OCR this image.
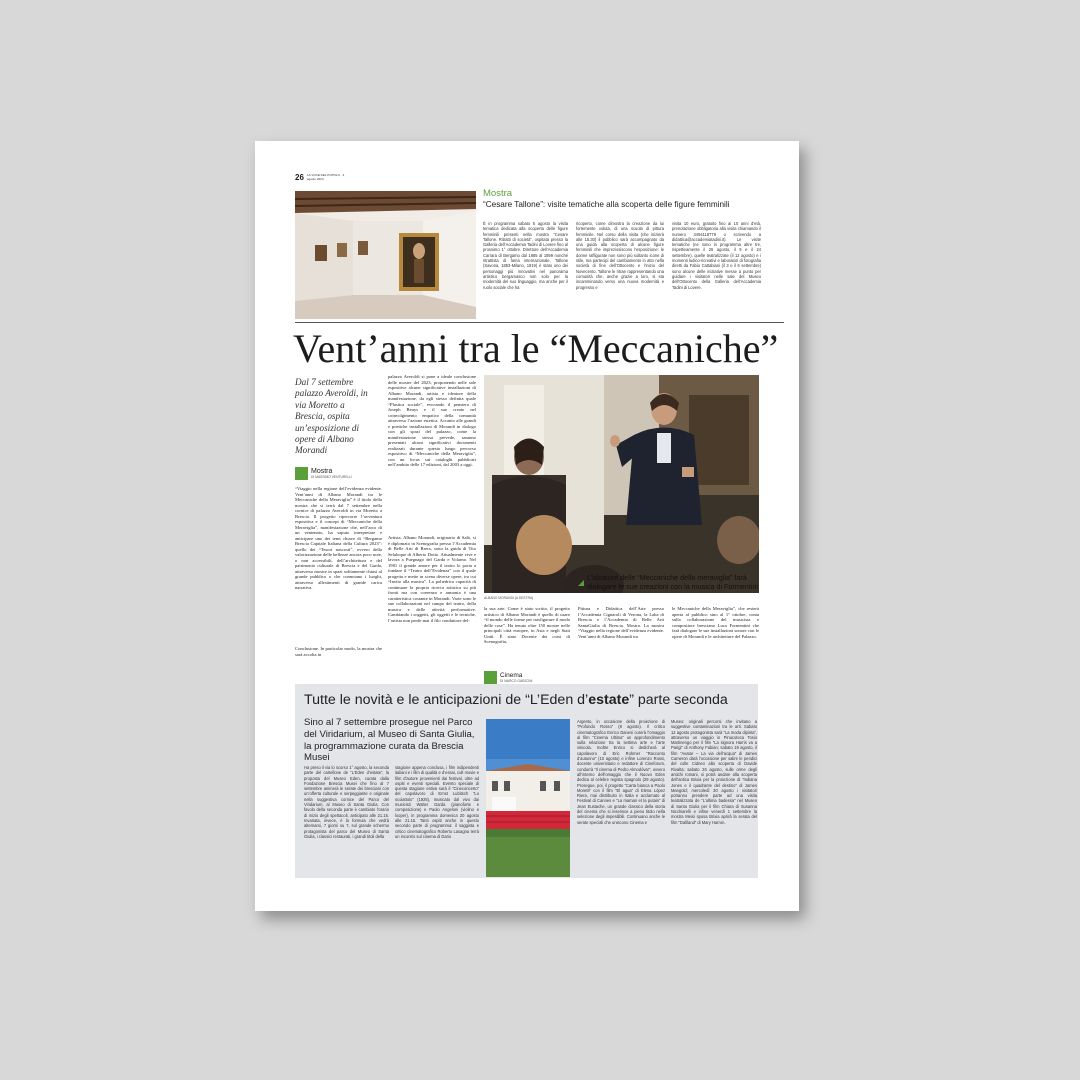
26 LA VOCE DEL POPOLO · 4 agosto 2023
Mostra
“Cesare Tallone”: visite tematiche alla scoperta delle figure femminili
È in programma sabato 5 agosto la visita tematica dedicata alla scoperta delle figure femminili presenti nella mostra “Cesare Tallone. Ritratti di società”, ospitata presso la Galleria dell’Accademia Tadini di Lovere fino al prossimo 1° ottobre. Direttore dell’Accademia Carrara di Bergamo dal 1885 al 1899 nonché ritrattista di fama internazionale, Tallone (Savona, 1853-Milano, 1919) è stato uno dei personaggi più innovativi nel panorama artistico bergamasco non solo per la modernità del suo linguaggio, ma anche per il ruolo sociale che ha
ricoperto, come dimostra la creazione da lui fortemente voluta, di una scuola di pittura femminile. Nel corso della visita (che inizierà alle 15.30) il pubblico sarà accompagnato da una guida alla scoperta di alcune figure femminili che impreziosiscono l’esposizione: le donne raffigurate non sono più soltanto icone di stile, ma partecipi del cambiamento in atto nella società di fine dell’Ottocento e l’inizio del Novecento. Tallone le ritrae rappresentando una comunità che, anche grazie a loro, si sta incamminando verso una nuova modernità e progresso e
visita 10 euro, gratuito fino ai 10 anni d’età, prenotazione obbligatoria alla visita chiamando il numero 3494118779 o scrivendo a didattica@accademiatadini.it). Le visite tematiche (ne sono in programma altre tre, rispettivamente il 26 agosto, il 9 e il 24 settembre), quelle teatralizzate (il 12 agosto) e i momenti ludico-ricreativi e laboratori di fotografia diretti da Fabio Cattabiani (il 3 e il 6 settembre) sono alcune delle iniziative messe a punto per guidare i visitatori nelle sale del Museo dell’Ottocento della Galleria dell’Accademia Tadini di Lovere.
Vent’anni tra le “Meccaniche”
Dal 7 settembre palazzo Averoldi, in via Moretto a Brescia, ospita un’esposizione di opere di Albano Morandi
Mostra
DI MASSIMO VENTURELLI
“Viaggio nella regione dell’evidenza evidente. Vent’anni di Albano Morandi tra le Meccaniche della Meraviglia” è il titolo della mostra che si terrà dal 7 settembre nella cornice di palazzo Averoldi in via Moretto a Brescia. Il progetto ripercorre l’avventura espositiva e il concept di “Meccaniche della Meraviglia”, manifestazione che, nell’arco di un ventennio, ha saputo interpretare e anticipare uno dei temi chiave di “Bergamo Brescia Capitale Italiana della Cultura 2023”: quello dei “Tesori nascosti”, ovvero della valorizzazione delle bellezze ancora poco note, o non accessibili, dell’architettura e del patrimonio culturale di Brescia e del Garda, attraverso mostre in spazi solitamente chiusi al grande pubblico o che connotano i luoghi, attraverso allestimenti di grande carica narrativa.
Conclusione. In particolar modo, la mostra che sarà accolta in
palazzo Averoldi si pone a ideale conclusione delle mostre del 2023, proponendo nelle sale espositive alcune significative installazioni di Albano Morandi, artista e ideatore della manifestazione, da egli stesso definita quale “Plastica sociale”, evocando il pensiero di Joseph Beuys e il suo creato nel coinvolgimento empatico della comunità attraverso l’azione estetica. Accanto alle grandi e poetiche installazioni di Morandi in dialogo con gli spazi del palazzo, come la manifestazione stessa prevede, saranno presentati alcuni significativi documenti realizzati durante questo lungo percorso espositivo di “Meccaniche della Meraviglia”, con un focus sui cataloghi pubblicati nell’ambito delle 17 edizioni, dal 2003 a oggi.
Artista. Albano Morandi, originario di Salò, si è diplomato in Scenografia presso l’Accademia di Belle Arti di Brera, sotto la guida di Tito Selaloque di Alberto Dotto. Attualmente vive e lavora a Puegnago del Garda e Volarno. Nel 1981 il grande amore per il teatro lo porta a fondare il “Teatro dell’Evidenza” con il quale progetta e mette in scena diverse opere, tra cui “Invito alla musica”. La poliedrica capacità di continuare la propria ricerca artistica su più fronti ma con coerenza e armonia è una caratteristica costante in Morandi. Varie sono le sue collaborazioni nel campo del teatro, della musica e delle attività performative. Cambiando i soggetti, gli oggetti e le tecniche, l’artista non perde mai il filo conduttore del-
ALBANO MORANDI (A DESTRA)
L’ideatore delle “Meccaniche della meraviglia” farà dialogare le sue creazioni con la musica di Formentini
la sua arte. Come è stato scritto, il progetto artistico di Albano Morandi è quello di usare “il mondo delle forme per trasfigurare il modo delle cose”. Ha tenuto oltre 150 mostre nelle principali città europee, in Asia e negli Stati Uniti. È stato Docente dei corsi di Scenografia,
Pittura e Didattica dell’Arte presso l’Accademia Cignaroli di Verona, la Laba di Brescia e l’Accademia di Belle Arti SantaGiulia di Brescia. Mostra. La mostra “Viaggio nella regione dell’evidenza evidente. Vent’anni di Albano Morandi tra
le Meccaniche della Meraviglia”, che resterà aperta al pubblico sino al 1° ottobre, conta sulla collaborazione del musicista e compositore bresciano Luca Formentini che farà dialogare le sue installazioni sonore con le opere di Morandi e le architetture del Palazzo.
Cinema
DI MARCO GARZONI
Tutte le novità e le anticipazioni de “L’Eden d’estate” parte seconda
Sino al 7 settembre prosegue nel Parco del Viridarium, al Museo di Santa Giulia, la programmazione curata da Brescia Musei
Ha preso il via lo scorso 1° agosto, la seconda parte del cartellone de “L’Eden d’estate”, la proposta del Museo Eden, curata dalla Fondazione Brescia Musei che fino al 7 settembre animerà le serate dei bresciani con un’offerta culturale e serpeggiante e originale nella suggestiva cornice del Parco del Viridarium, al Museo di Santa Giulia. Con favolo della seconda parte è cambiato l’orario di inizio degli spettacoli, anticipato alle 21.15. Invariata, invece, è la formula che vedrà alternarsi, 7 giorni su 7, sul grande schermo protagonista del parco del Museo di Santa Giulia, i classici restaurati, i grandi titoli della
stagione appena conclusa, i film indipendenti italiani e i film di qualità e d’essai, cult movie e film d’autore provenienti dai festival, oltre ad ospiti e eventi speciali. Evento speciale di questa stagione estiva sarà il “Cineconcerto” del capolavoro di Ernst Lubitsch “Lo scoiattolo” (1925), musicato dal vivo dai musicisti Walter Garda (pianoforte e composizione) e Paolo Angeloni (violino e looper), in programma domenica 20 agosto alle 21.15. Tanti ospiti anche in questo secondo parte di programma: il saggista e critico cinematografico Roberto Lasagna terrà un incontro sul cinema di Dario
Argento, in occasione della proiezione di “Profondo Rosso” (8 agosto). Il critico cinematografico Enrico Danesi curerà l’omaggio al film “Cinema Ultima” un approfondimento sulla relazione tra la settima arte e l’arte vinicola. Inoltre Enrico si dedicherà al capolavoro di Eric Rohmer “Racconto d’autunno” (10 agosto) e infine Lorenzo Rossi, docente universitario e redattore di Cineforum, condurrà “Il cinema di Pedro Almodóvar”, ovvero all’interno dell’omaggio che il Nuovo Eden dedica al celebre regista spagnolo (29 agosto). Prosegue, poi, il progetto “Carta bianca a Paolo Moretti” con il film “El agua” di Elena López Riera, mai distribuito in Italia e acclamato al Festival di Cannes e “La maman et la putain” di Jean Eustache, un grande classico della storia del cinema che si inserisce a pieno titolo nella selezione degli imperdibili. Continuano anche le serate speciali che uniscono Cinema e
Museo: originali percorsi che invitano a suggestive contaminazioni tra le arti. Sabato 12 agosto protagonista sarà “La moda dipinta”, attraverso un viaggio in Pinacoteca Tosio Martinengo per il film “La signora Harris va a Parigi” di Anthony Fabian; sabato 19 agosto, il film “Avatar – La via dell’acqua” di James Cameron darà l’occasione per salire le pendici del colle Cidneo alla scoperta di Davide Rivalta; sabato 26 agosto, sulle orme degli antichi romani, si potrà andare alla scoperta dell’antica Brixia per la proiezione di “Indiana Jones e il quadrante del destino” di James Mangold; mercoledì 30 agosto i visitatori potranno prendere parte ad una visita teatralizzata de “L’ultima badessa” nel Museo di Santa Giulia per il film Chiara di Susanna Nicchiarelli e infine venerdì 1 settembre la mostra Meisi sposa Brixia aprirà la serata del film “Dalíland” di Mary Harron.
